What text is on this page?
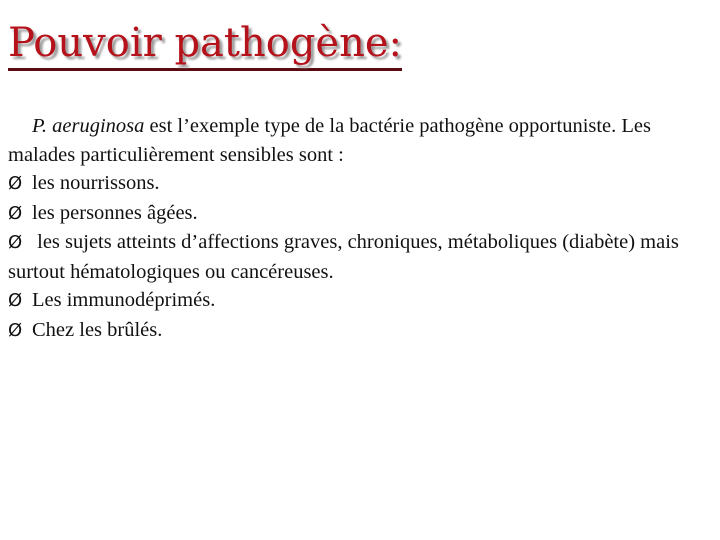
Pouvoir pathogène:

P. aeruginosa est l’exemple type de la bactérie pathogène opportuniste. Les malades particulièrement sensibles sont :

Ø les nourrissons.

Ø les personnes âgées.

Ø les sujets atteints d’affections graves, chroniques, métaboliques (diabète) mais surtout hématologiques ou cancéreuses.

Ø Les immunodéprimés.

Ø Chez les brûlés.
